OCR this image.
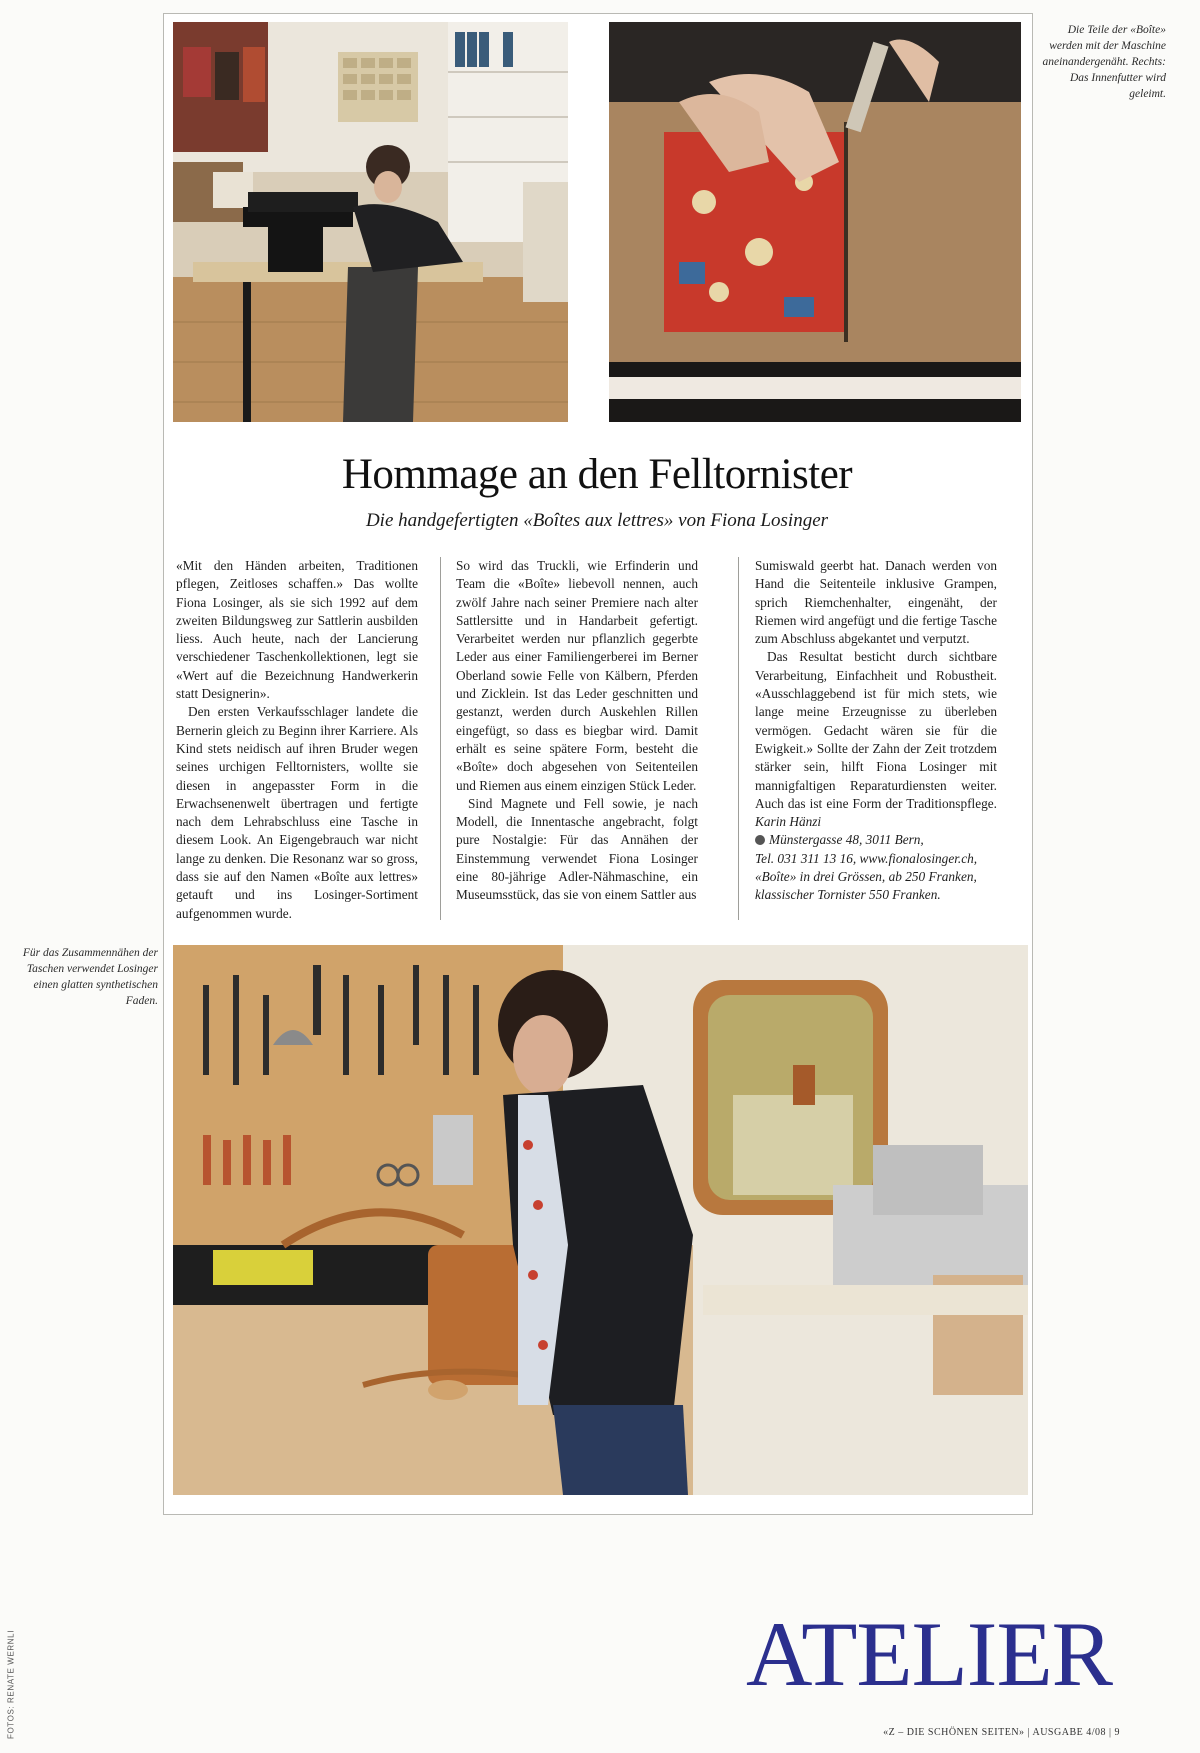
Die Teile der «Boîte» werden mit der Maschine aneinandergenäht. Rechts: Das Innenfutter wird geleimt.
Für das Zusammennähen der Taschen verwendet Losinger einen glatten synthetischen Faden.
Hommage an den Felltornister
Die handgefertigten «Boîtes aux lettres» von Fiona Losinger

«Mit den Händen arbeiten, Traditionen pflegen, Zeitloses schaffen.» Das wollte Fiona Losinger, als sie sich 1992 auf dem zweiten Bildungsweg zur Sattlerin ausbilden liess. Auch heute, nach der Lancierung verschiedener Taschenkollektionen, legt sie «Wert auf die Bezeichnung Handwerkerin statt Designerin».

Den ersten Verkaufsschlager landete die Bernerin gleich zu Beginn ihrer Karriere. Als Kind stets neidisch auf ihren Bruder wegen seines urchigen Felltornisters, wollte sie diesen in angepasster Form in die Erwachsenenwelt übertragen und fertigte nach dem Lehrabschluss eine Tasche in diesem Look. An Eigengebrauch war nicht lange zu denken. Die Resonanz war so gross, dass sie auf den Namen «Boîte aux lettres» getauft und ins Losinger-Sortiment aufgenommen wurde.

So wird das Truckli, wie Erfinderin und Team die «Boîte» liebevoll nennen, auch zwölf Jahre nach seiner Premiere nach alter Sattlersitte und in Handarbeit gefertigt. Verarbeitet werden nur pflanzlich gegerbte Leder aus einer Familiengerberei im Berner Oberland sowie Felle von Kälbern, Pferden und Zicklein. Ist das Leder geschnitten und gestanzt, werden durch Auskehlen Rillen eingefügt, so dass es biegbar wird. Damit erhält es seine spätere Form, besteht die «Boîte» doch abgesehen von Seitenteilen und Riemen aus einem einzigen Stück Leder.

Sind Magnete und Fell sowie, je nach Modell, die Innentasche angebracht, folgt pure Nostalgie: Für das Annähen der Einstemmung verwendet Fiona Losinger eine 80-jährige Adler-Nähmaschine, ein Museumsstück, das sie von einem Sattler aus

Sumiswald geerbt hat. Danach werden von Hand die Seitenteile inklusive Grampen, sprich Riemchenhalter, eingenäht, der Riemen wird angefügt und die fertige Tasche zum Abschluss abgekantet und verputzt.

Das Resultat besticht durch sichtbare Verarbeitung, Einfachheit und Robustheit. «Ausschlaggebend ist für mich stets, wie lange meine Erzeugnisse zu überleben vermögen. Gedacht wären sie für die Ewigkeit.» Sollte der Zahn der Zeit trotzdem stärker sein, hilft Fiona Losinger mit mannigfaltigen Reparaturdiensten weiter. Auch das ist eine Form der Traditionspflege. Karin Hänzi

Münstergasse 48, 3011 Bern,
Tel. 031 311 13 16, www.fionalosinger.ch,
«Boîte» in drei Grössen, ab 250 Franken,
klassischer Tornister 550 Franken.

FOTOS: RENATE WERNLI	ATELIER
«Z – DIE SCHÖNEN SEITEN» | AUSGABE 4/08 | 9
